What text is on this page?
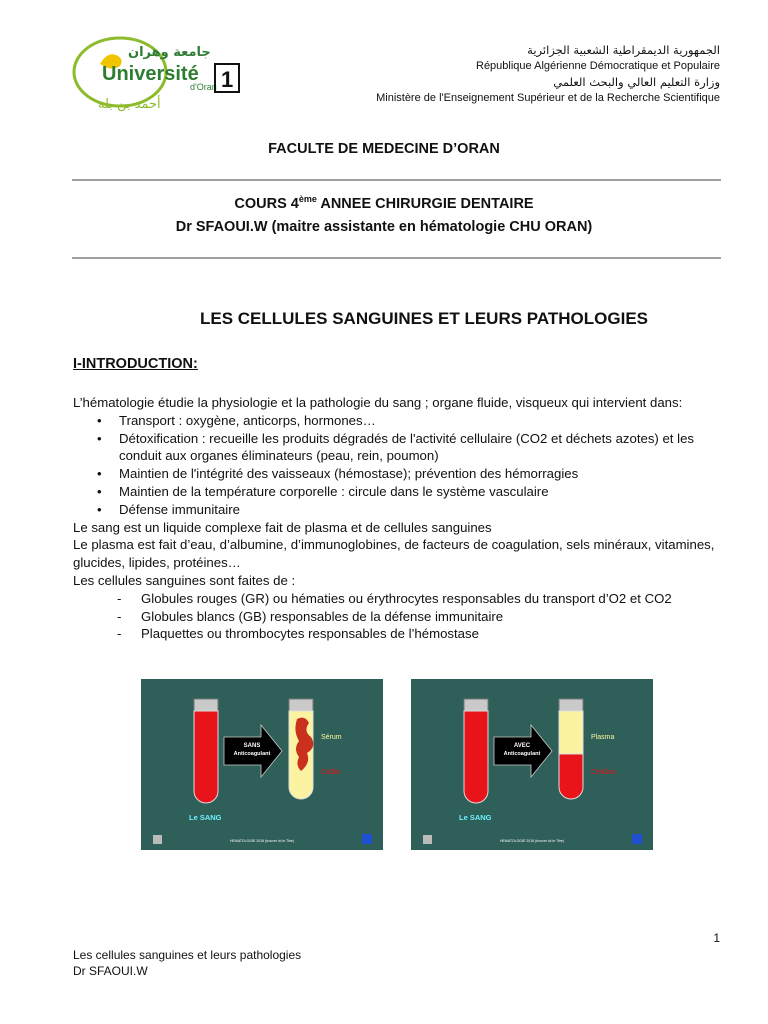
جامعة وهران
Université
d'Oran 1
أحمد بن بلة
الجمهورية الديمقراطية الشعبية الجزائرية
République Algérienne Démocratique et Populaire
وزارة التعليم العالي والبحث العلمي
Ministère de l'Enseignement Supérieur et de la Recherche Scientifique
FACULTE DE MEDECINE D’ORAN
COURS 4ème ANNEE CHIRURGIE DENTAIRE
Dr SFAOUI.W (maitre assistante en hématologie CHU ORAN)
LES CELLULES SANGUINES ET LEURS PATHOLOGIES
I-INTRODUCTION:

L’hématologie étudie la physiologie et la pathologie du sang ; organe fluide, visqueux qui intervient dans:

• Transport : oxygène, anticorps, hormones…
• Détoxification : recueille les produits dégradés de l'activité cellulaire (CO2 et déchets azotes) et les conduit aux organes éliminateurs (peau, rein, poumon)
• Maintien de l'intégrité des vaisseaux (hémostase); prévention des hémorragies
• Maintien de la température corporelle : circule dans le système vasculaire
• Défense immunitaire

Le sang est un liquide complexe fait de plasma et de cellules sanguines

Le plasma est fait d’eau, d’albumine, d’immunoglobines, de facteurs de coagulation, sels minéraux, vitamines, glucides, lipides, protéines…

Les cellules sanguines sont faites de :

- Globules rouges (GR) ou hématies ou érythrocytes responsables du transport d’O2 et CO2
- Globules blancs (GB) responsables de la défense immunitaire
- Plaquettes ou thrombocytes responsables de l’hémostase
SANS
Anticoagulant
Sérum
Caillot
Le SANG
HEMATOLOGIE 2018 (trouver ici le Titre)
AVEC
Anticoagulant
Plasma
Cellules
Le SANG
HEMATOLOGIE 2018 (trouver ici le Titre)
1
Les cellules sanguines et leurs pathologies
Dr SFAOUI.W
